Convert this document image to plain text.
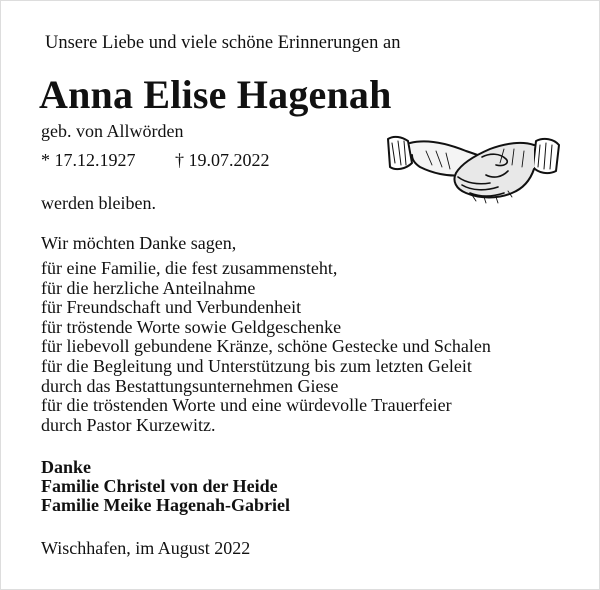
Unsere Liebe und viele schöne Erinnerungen an
Anna Elise Hagenah
geb. von Allwörden
* 17.12.1927 † 19.07.2022
werden bleiben.
Wir möchten Danke sagen,
für eine Familie, die fest zusammensteht,
für die herzliche Anteilnahme
für Freundschaft und Verbundenheit
für tröstende Worte sowie Geldgeschenke
für liebevoll gebundene Kränze, schöne Gestecke und Schalen
für die Begleitung und Unterstützung bis zum letzten Geleit
durch das Bestattungsunternehmen Giese
für die tröstenden Worte und eine würdevolle Trauerfeier
durch Pastor Kurzewitz.
Danke
Familie Christel von der Heide
Familie Meike Hagenah-Gabriel
Wischhafen, im August 2022
